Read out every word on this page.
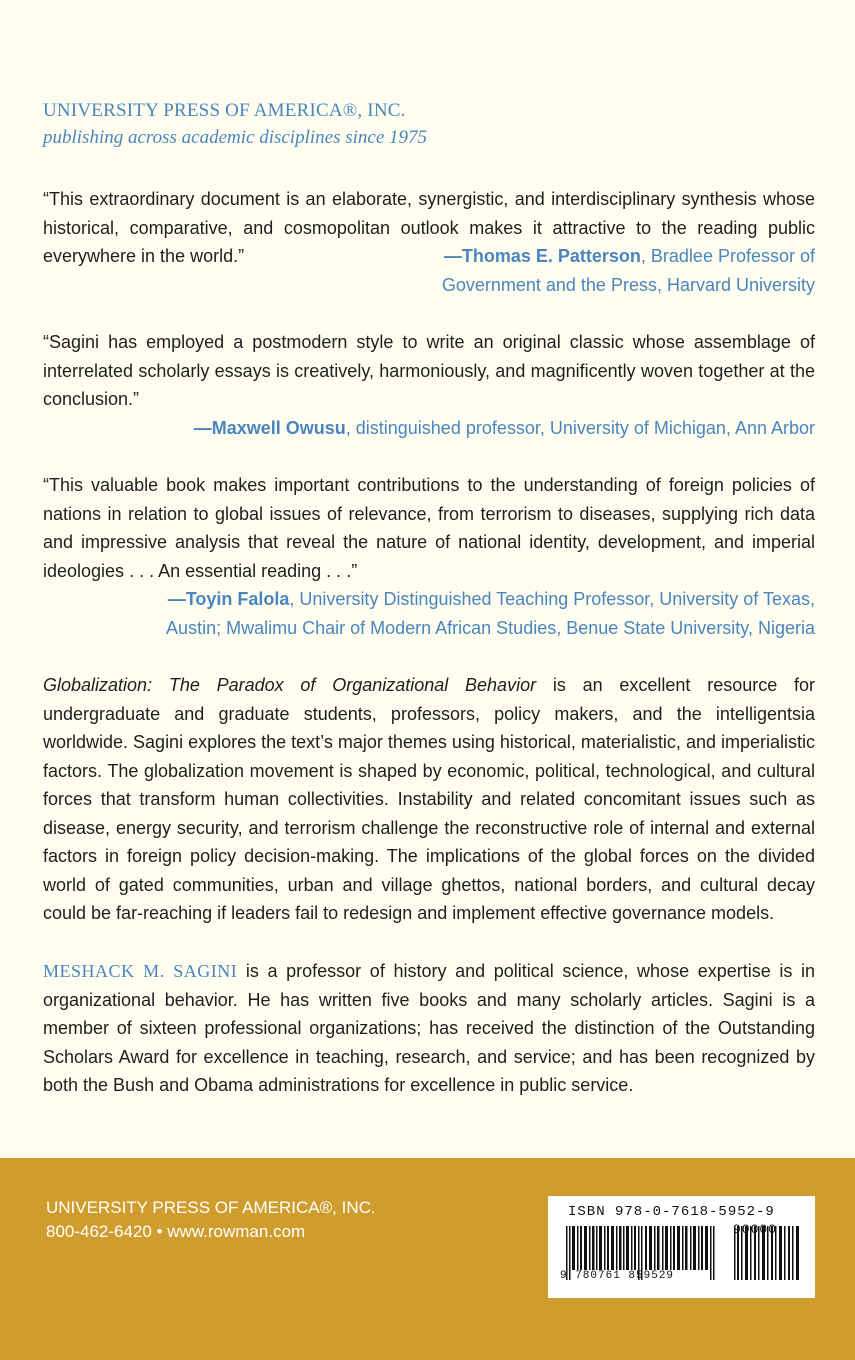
UNIVERSITY PRESS OF AMERICA®, INC.
publishing across academic disciplines since 1975
“This extraordinary document is an elaborate, synergistic, and interdisciplinary synthesis whose historical, comparative, and cosmopolitan outlook makes it attractive to the reading public everywhere in the world.”	—Thomas E. Patterson, Bradlee Professor of Government and the Press, Harvard University
“Sagini has employed a postmodern style to write an original classic whose assemblage of interrelated scholarly essays is creatively, harmoniously, and magnificently woven together at the conclusion.”
—Maxwell Owusu, distinguished professor, University of Michigan, Ann Arbor
“This valuable book makes important contributions to the understanding of foreign policies of nations in relation to global issues of relevance, from terrorism to diseases, supplying rich data and impressive analysis that reveal the nature of national identity, development, and imperial ideologies . . . An essential reading . . .”
—Toyin Falola, University Distinguished Teaching Professor, University of Texas, Austin; Mwalimu Chair of Modern African Studies, Benue State University, Nigeria
Globalization: The Paradox of Organizational Behavior is an excellent resource for undergraduate and graduate students, professors, policy makers, and the intelligentsia worldwide. Sagini explores the text’s major themes using historical, materialistic, and imperialistic factors. The globalization movement is shaped by economic, political, technological, and cultural forces that transform human collectivities. Instability and related concomitant issues such as disease, energy security, and terrorism challenge the reconstructive role of internal and external factors in foreign policy decision-making. The implications of the global forces on the divided world of gated communities, urban and village ghettos, national borders, and cultural decay could be far-reaching if leaders fail to redesign and implement effective governance models.
MESHACK M. SAGINI is a professor of history and political science, whose expertise is in organizational behavior. He has written five books and many scholarly articles. Sagini is a member of sixteen professional organizations; has received the distinction of the Outstanding Scholars Award for excellence in teaching, research, and service; and has been recognized by both the Bush and Obama administrations for excellence in public service.
UNIVERSITY PRESS OF AMERICA®, INC.
800-462-6420 • www.rowman.com
ISBN 978-0-7618-5952-9
9 780761 859529
